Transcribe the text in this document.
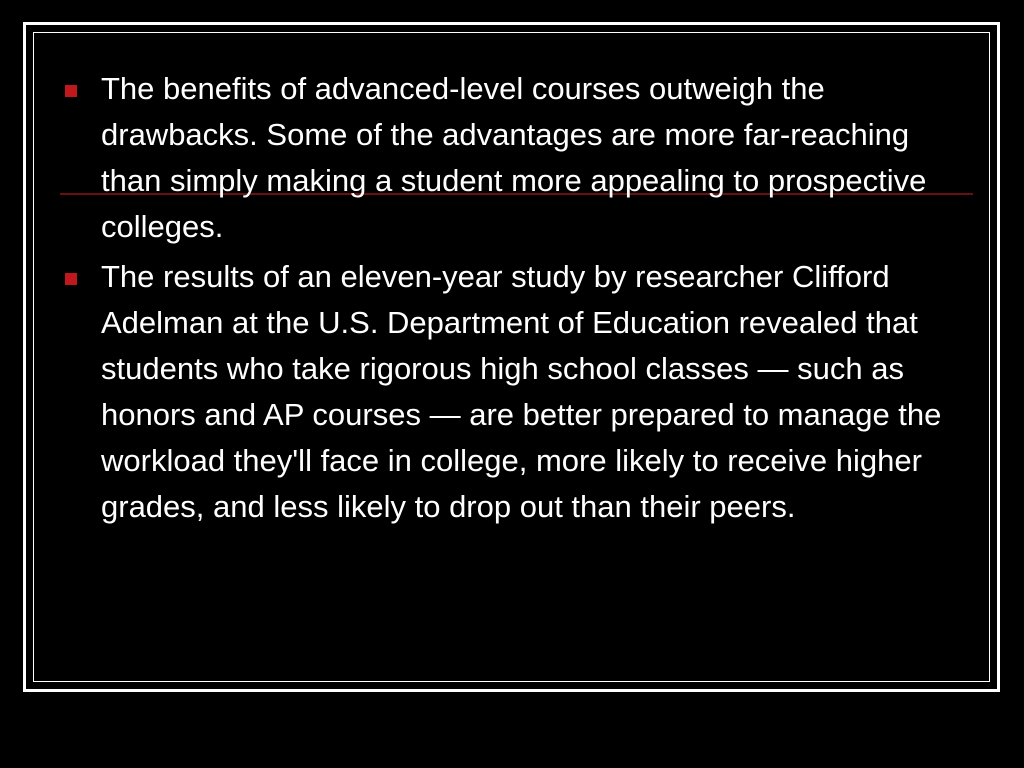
The benefits of advanced-level courses outweigh the drawbacks. Some of the advantages are more far-reaching than simply making a student more appealing to prospective colleges.
The results of an eleven-year study by researcher Clifford Adelman at the U.S. Department of Education revealed that students who take rigorous high school classes — such as honors and AP courses — are better prepared to manage the workload they'll face in college, more likely to receive higher grades, and less likely to drop out than their peers.
